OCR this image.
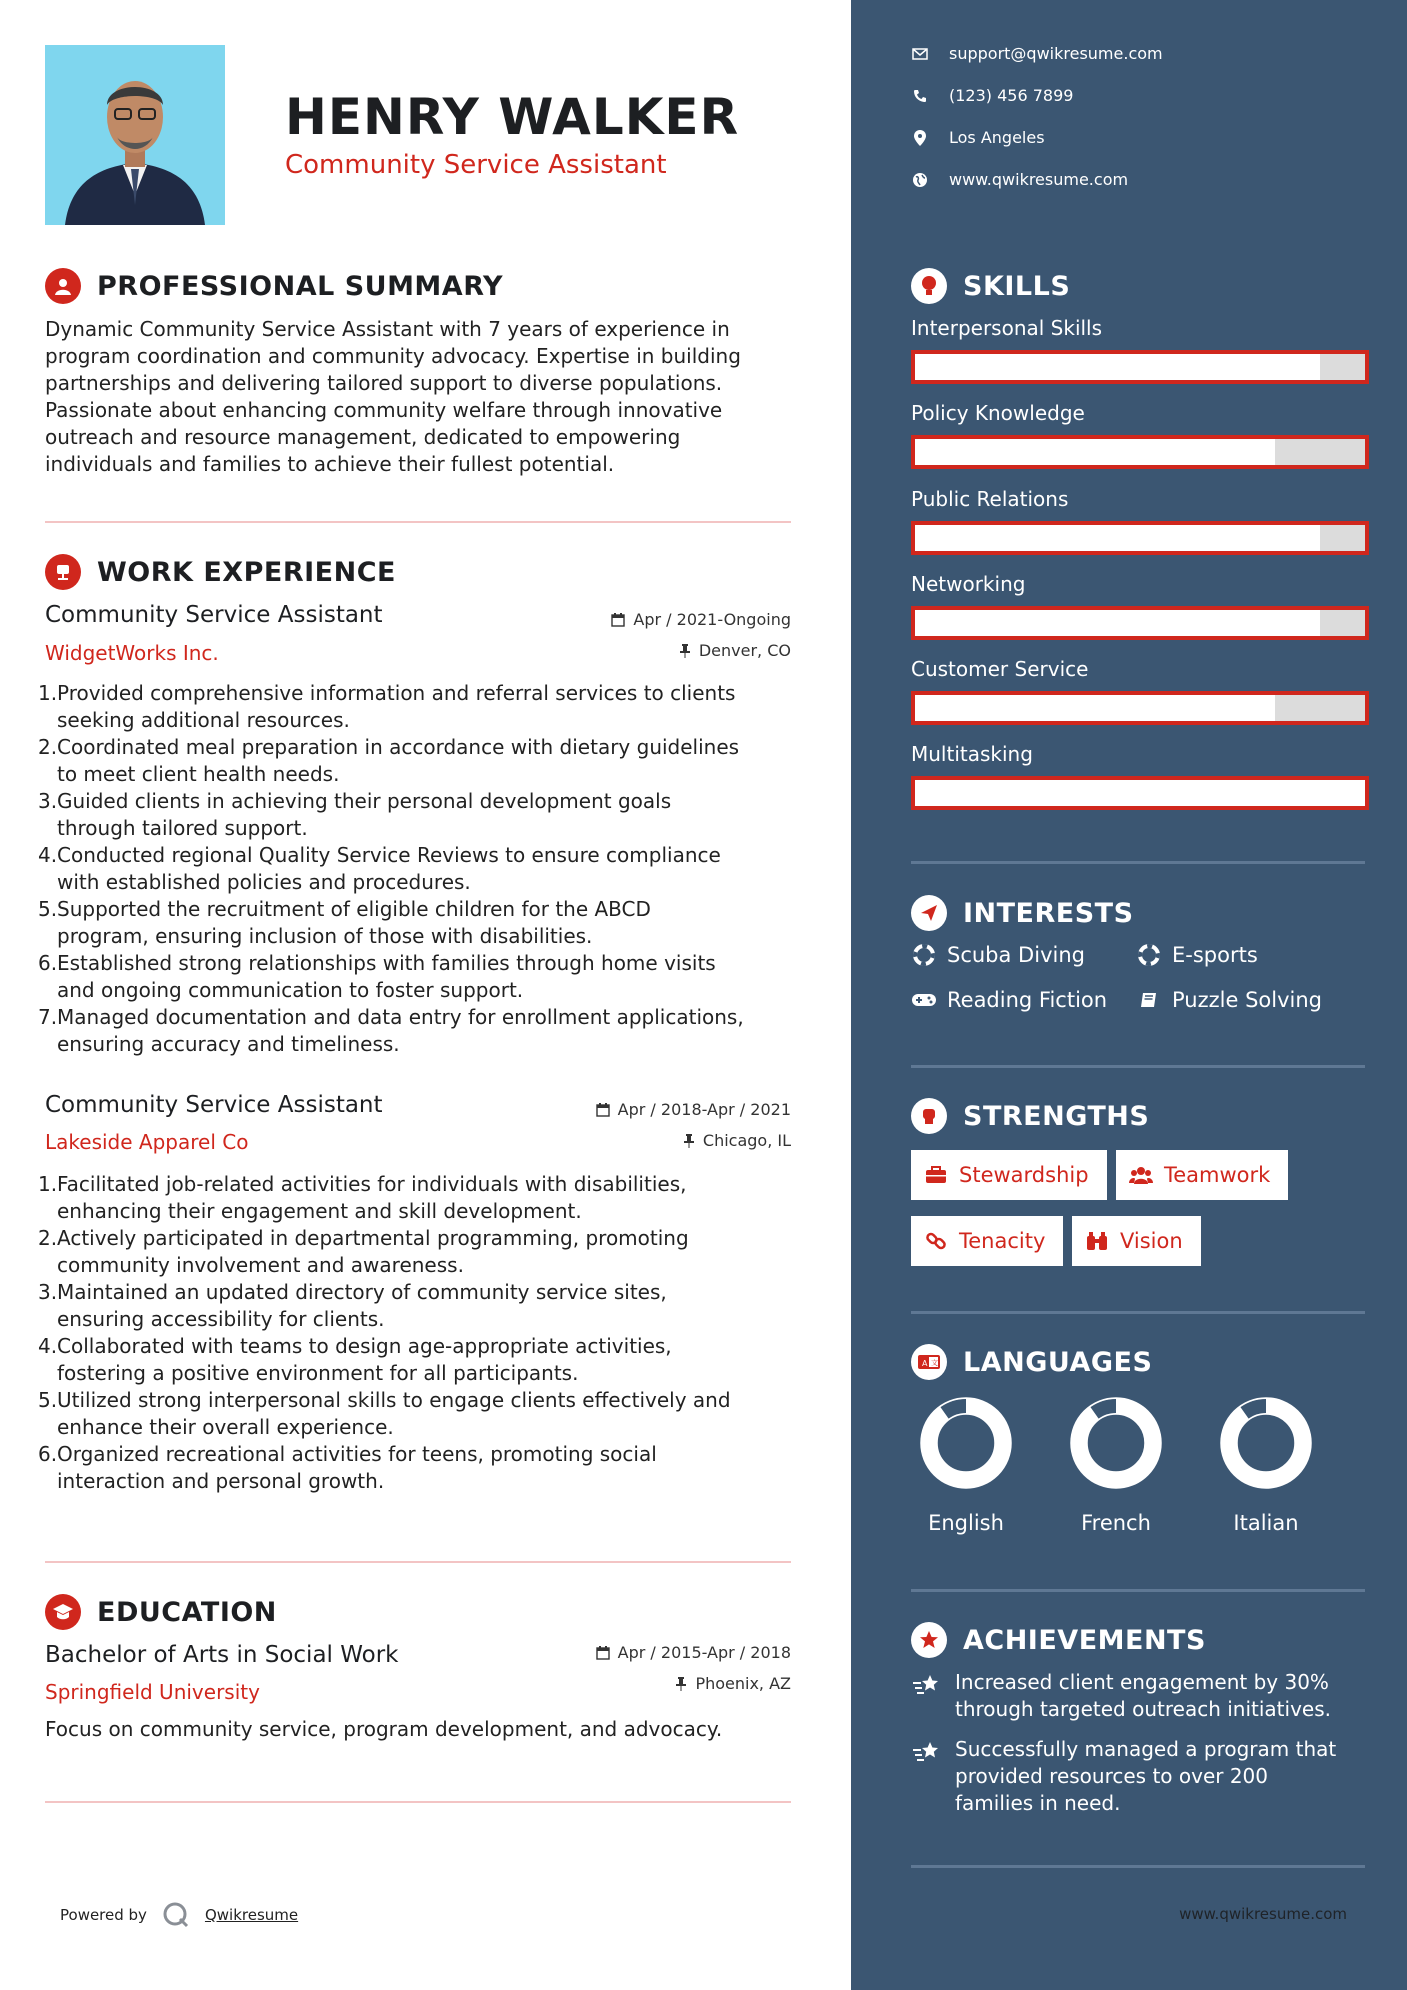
HENRY WALKER
Community Service Assistant
PROFESSIONAL SUMMARY
Dynamic Community Service Assistant with 7 years of experience in
program coordination and community advocacy. Expertise in building
partnerships and delivering tailored support to diverse populations.
Passionate about enhancing community welfare through innovative
outreach and resource management, dedicated to empowering
individuals and families to achieve their fullest potential.
WORK EXPERIENCE
Community Service Assistant
WidgetWorks Inc.
Apr / 2021-Ongoing
Denver, CO
1. Provided comprehensive information and referral services to clients
seeking additional resources.
2. Coordinated meal preparation in accordance with dietary guidelines
to meet client health needs.
3. Guided clients in achieving their personal development goals
through tailored support.
4. Conducted regional Quality Service Reviews to ensure compliance
with established policies and procedures.
5. Supported the recruitment of eligible children for the ABCD
program, ensuring inclusion of those with disabilities.
6. Established strong relationships with families through home visits
and ongoing communication to foster support.
7. Managed documentation and data entry for enrollment applications,
ensuring accuracy and timeliness.
Community Service Assistant
Lakeside Apparel Co
Apr / 2018-Apr / 2021
Chicago, IL
1. Facilitated job-related activities for individuals with disabilities,
enhancing their engagement and skill development.
2. Actively participated in departmental programming, promoting
community involvement and awareness.
3. Maintained an updated directory of community service sites,
ensuring accessibility for clients.
4. Collaborated with teams to design age-appropriate activities,
fostering a positive environment for all participants.
5. Utilized strong interpersonal skills to engage clients effectively and
enhance their overall experience.
6. Organized recreational activities for teens, promoting social
interaction and personal growth.
EDUCATION
Bachelor of Arts in Social Work
Springfield University
Apr / 2015-Apr / 2018
Phoenix, AZ
Focus on community service, program development, and advocacy.
Powered by	Qwikresume
support@qwikresume.com
(123) 456 7899
Los Angeles
www.qwikresume.com
SKILLS
Interpersonal Skills
Policy Knowledge
Public Relations
Networking
Customer Service
Multitasking
INTERESTS
Scuba Diving	E-sports
Reading Fiction	Puzzle Solving
STRENGTHS
Stewardship	Teamwork
Tenacity	Vision
A 文 LANGUAGES
English	French	Italian
ACHIEVEMENTS
Increased client engagement by 30%
through targeted outreach initiatives.
Successfully managed a program that
provided resources to over 200
families in need.
www.qwikresume.com
